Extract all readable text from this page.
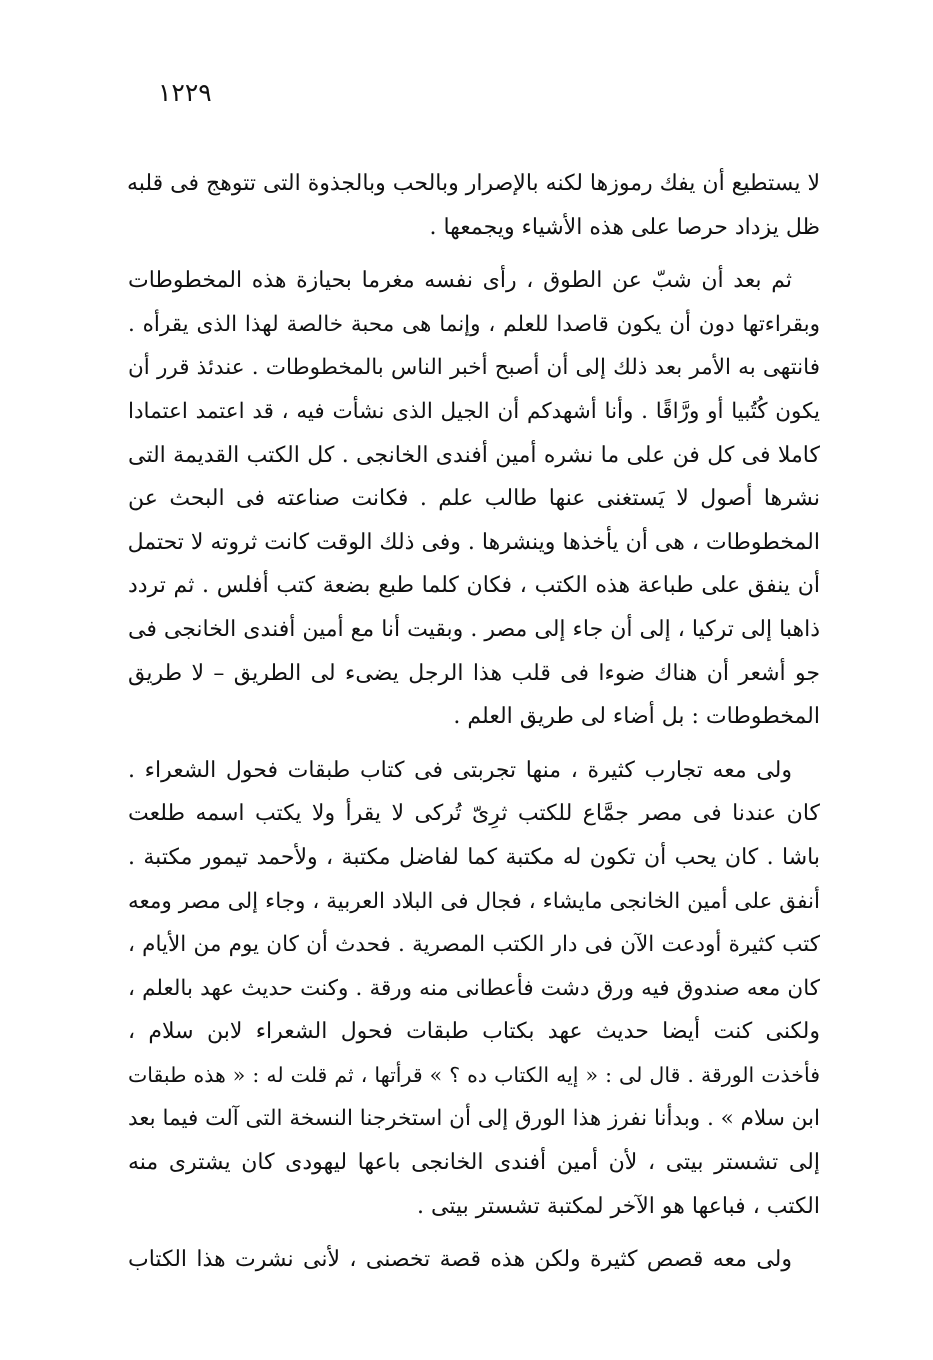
١٢٢٩
لا يستطيع أن يفك رموزها لكنه بالإصرار وبالحب وبالجذوة التى تتوهج فى قلبه
ظل يزداد حرصا على هذه الأشياء ويجمعها .
ثم بعد أن شبّ عن الطوق ، رأى نفسه مغرما بحيازة هذه المخطوطات
وبقراءتها دون أن يكون قاصدا للعلم ، وإنما هى محبة خالصة لهذا الذى يقرأه .
فانتهى به الأمر بعد ذلك إلى أن أصبح أخبر الناس بالمخطوطات . عندئذ قرر أن
يكون كُتُبيا أو ورَّاقًا . وأنا أشهدكم أن الجيل الذى نشأت فيه ، قد اعتمد اعتمادا
كاملا فى كل فن على ما نشره أمين أفندى الخانجى . كل الكتب القديمة التى
نشرها أصول لا يَستغنى عنها طالب علم . فكانت صناعته فى البحث عن
المخطوطات ، هى أن يأخذها وينشرها . وفى ذلك الوقت كانت ثروته لا تحتمل
أن ينفق على طباعة هذه الكتب ، فكان كلما طبع بضعة كتب أفلس . ثم تردد
ذاهبا إلى تركيا ، إلى أن جاء إلى مصر . وبقيت أنا مع أمين أفندى الخانجى فى
جو أشعر أن هناك ضوءا فى قلب هذا الرجل يضىء لى الطريق – لا طريق
المخطوطات : بل أضاء لى طريق العلم .
ولى معه تجارب كثيرة ، منها تجربتى فى كتاب طبقات فحول الشعراء .
كان عندنا فى مصر جمَّاع للكتب ثرِىّ تُركى لا يقرأ ولا يكتب اسمه طلعت
باشا . كان يحب أن تكون له مكتبة كما لفاضل مكتبة ، ولأحمد تيمور مكتبة .
أنفق على أمين الخانجى مايشاء ، فجال فى البلاد العربية ، وجاء إلى مصر ومعه
كتب كثيرة أودعت الآن فى دار الكتب المصرية . فحدث أن كان يوم من الأيام ،
كان معه صندوق فيه ورق دشت فأعطانى منه ورقة . وكنت حديث عهد بالعلم ،
ولكنى كنت أيضا حديث عهد بكتاب طبقات فحول الشعراء لابن سلام ،
فأخذت الورقة . قال لى : « إيه الكتاب ده ؟ » قرأتها ، ثم قلت له : « هذه طبقات
ابن سلام » . وبدأنا نفرز هذا الورق إلى أن استخرجنا النسخة التى آلت فيما بعد
إلى تشستر بيتى ، لأن أمين أفندى الخانجى باعها ليهودى كان يشترى منه
الكتب ، فباعها هو الآخر لمكتبة تشستر بيتى .
ولى معه قصص كثيرة ولكن هذه قصة تخصنى ، لأنى نشرت هذا الكتاب
